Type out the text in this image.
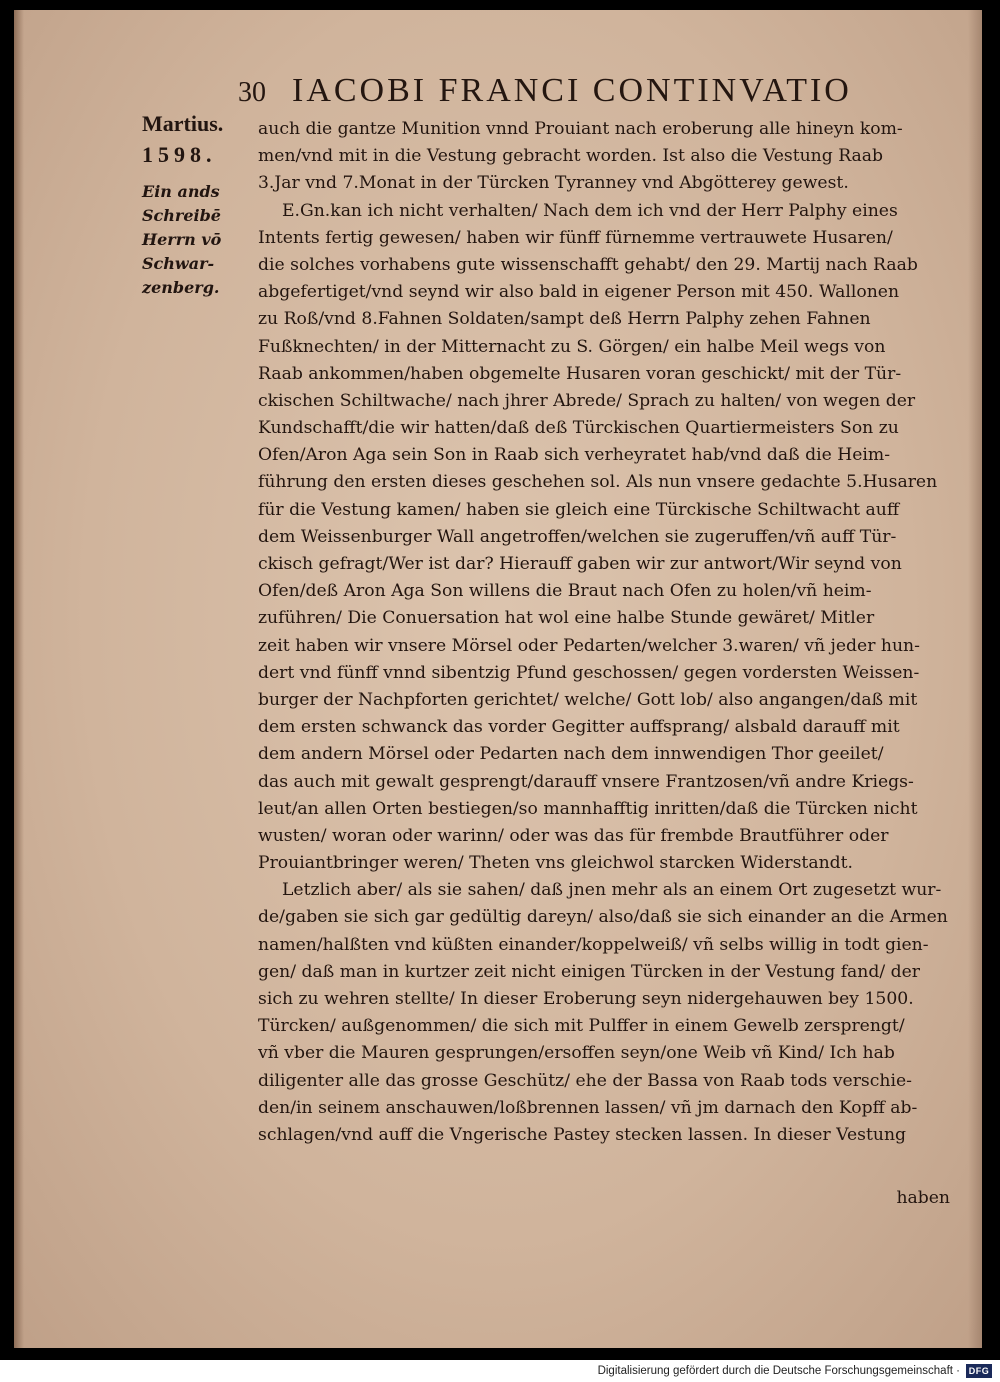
30 IACOBI FRANCI CONTINVATIO
Martius.
1598.
Ein ands
Schreibē
Herrn vō
Schwar-
zenberg.
auch die gantze Munition vnnd Prouiant nach eroberung alle hineyn kom-
men/vnd mit in die Vestung gebracht worden. Ist also die Vestung Raab
3.Jar vnd 7.Monat in der Türcken Tyranney vnd Abgötterey gewest.
E.Gn.kan ich nicht verhalten/ Nach dem ich vnd der Herr Palphy eines
Intents fertig gewesen/ haben wir fünff fürnemme vertrauwete Husaren/
die solches vorhabens gute wissenschafft gehabt/ den 29. Martij nach Raab
abgefertiget/vnd seynd wir also bald in eigener Person mit 450. Wallonen
zu Roß/vnd 8.Fahnen Soldaten/sampt deß Herrn Palphy zehen Fahnen
Fußknechten/ in der Mitternacht zu S. Görgen/ ein halbe Meil wegs von
Raab ankommen/haben obgemelte Husaren voran geschickt/ mit der Tür-
ckischen Schiltwache/ nach jhrer Abrede/ Sprach zu halten/ von wegen der
Kundschafft/die wir hatten/daß deß Türckischen Quartiermeisters Son zu
Ofen/Aron Aga sein Son in Raab sich verheyratet hab/vnd daß die Heim-
führung den ersten dieses geschehen sol. Als nun vnsere gedachte 5.Husaren
für die Vestung kamen/ haben sie gleich eine Türckische Schiltwacht auff
dem Weissenburger Wall angetroffen/welchen sie zugeruffen/vñ auff Tür-
ckisch gefragt/Wer ist dar? Hierauff gaben wir zur antwort/Wir seynd von
Ofen/deß Aron Aga Son willens die Braut nach Ofen zu holen/vñ heim-
zuführen/ Die Conuersation hat wol eine halbe Stunde gewäret/ Mitler
zeit haben wir vnsere Mörsel oder Pedarten/welcher 3.waren/ vñ jeder hun-
dert vnd fünff vnnd sibentzig Pfund geschossen/ gegen vordersten Weissen-
burger der Nachpforten gerichtet/ welche/ Gott lob/ also angangen/daß mit
dem ersten schwanck das vorder Gegitter auffsprang/ alsbald darauff mit
dem andern Mörsel oder Pedarten nach dem innwendigen Thor geeilet/
das auch mit gewalt gesprengt/darauff vnsere Frantzosen/vñ andre Kriegs-
leut/an allen Orten bestiegen/so mannhafftig inritten/daß die Türcken nicht
wusten/ woran oder warinn/ oder was das für frembde Brautführer oder
Prouiantbringer weren/ Theten vns gleichwol starcken Widerstandt.
Letzlich aber/ als sie sahen/ daß jnen mehr als an einem Ort zugesetzt wur-
de/gaben sie sich gar gedültig dareyn/ also/daß sie sich einander an die Armen
namen/halßten vnd küßten einander/koppelweiß/ vñ selbs willig in todt gien-
gen/ daß man in kurtzer zeit nicht einigen Türcken in der Vestung fand/ der
sich zu wehren stellte/ In dieser Eroberung seyn nidergehauwen bey 1500.
Türcken/ außgenommen/ die sich mit Pulffer in einem Gewelb zersprengt/
vñ vber die Mauren gesprungen/ersoffen seyn/one Weib vñ Kind/ Ich hab
diligenter alle das grosse Geschütz/ ehe der Bassa von Raab tods verschie-
den/in seinem anschauwen/loßbrennen lassen/ vñ jm darnach den Kopff ab-
schlagen/vnd auff die Vngerische Pastey stecken lassen. In dieser Vestung
haben
Digitalisierung gefördert durch die Deutsche Forschungsgemeinschaft · DFG
